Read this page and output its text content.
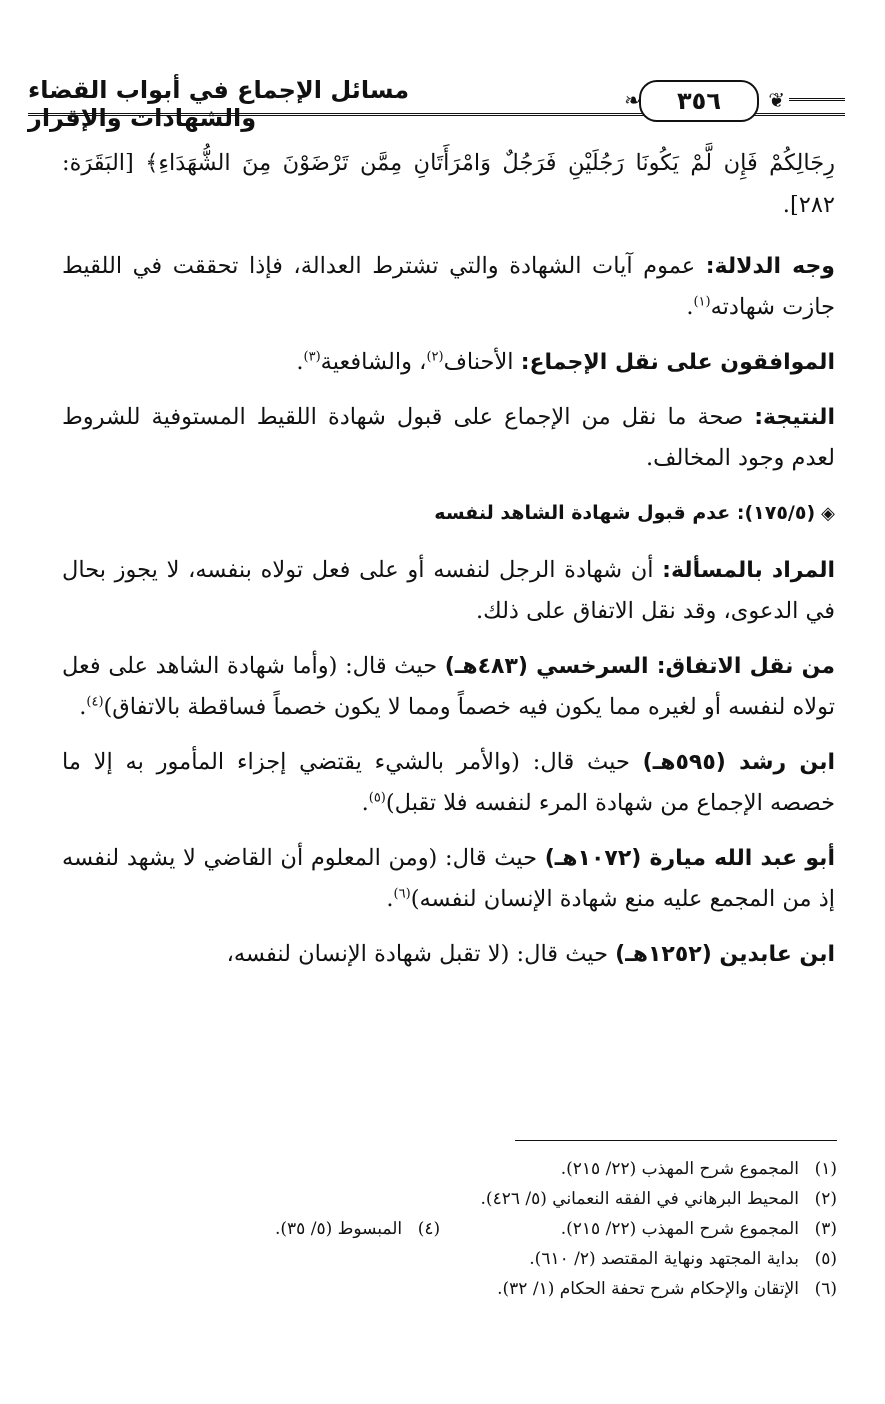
❦
٣٥٦
❧
مسائل الإجماع في أبواب القضاء والشهادات والإقرار

رِجَالِكُمْ فَإِن لَّمْ يَكُونَا رَجُلَيْنِ فَرَجُلٌ وَامْرَأَتَانِ مِمَّن تَرْضَوْنَ مِنَ الشُّهَدَاءِ﴾ [البَقَرَة: ٢٨٢].

وجه الدلالة: عموم آيات الشهادة والتي تشترط العدالة، فإذا تحققت في اللقيط جازت شهادته$^{(١)}$.

الموافقون على نقل الإجماع: الأحناف$^{(٢)}$، والشافعية$^{(٣)}$.

النتيجة: صحة ما نقل من الإجماع على قبول شهادة اللقيط المستوفية للشروط لعدم وجود المخالف.

◈(١٧٥/٥): عدم قبول شهادة الشاهد لنفسه

المراد بالمسألة: أن شهادة الرجل لنفسه أو على فعل تولاه بنفسه، لا يجوز بحال في الدعوى، وقد نقل الاتفاق على ذلك.

من نقل الاتفاق: السرخسي (٤٨٣هـ) حيث قال: (وأما شهادة الشاهد على فعل تولاه لنفسه أو لغيره مما يكون فيه خصماً ومما لا يكون خصماً فساقطة بالاتفاق)$^{(٤)}$.

ابن رشد (٥٩٥هـ) حيث قال: (والأمر بالشيء يقتضي إجزاء المأمور به إلا ما خصصه الإجماع من شهادة المرء لنفسه فلا تقبل)$^{(٥)}$.

أبو عبد الله ميارة (١٠٧٢هـ) حيث قال: (ومن المعلوم أن القاضي لا يشهد لنفسه إذ من المجمع عليه منع شهادة الإنسان لنفسه)$^{(٦)}$.

ابن عابدين (١٢٥٢هـ) حيث قال: (لا تقبل شهادة الإنسان لنفسه،

(١)المجموع شرح المهذب (٢٢/ ٢١٥).
(٢)المحيط البرهاني في الفقه النعماني (٥/ ٤٢٦).
(٣)المجموع شرح المهذب (٢٢/ ٢١٥).
(٤)المبسوط (٥/ ٣٥).
(٥)بداية المجتهد ونهاية المقتصد (٢/ ٦١٠).
(٦)الإتقان والإحكام شرح تحفة الحكام (١/ ٣٢).
